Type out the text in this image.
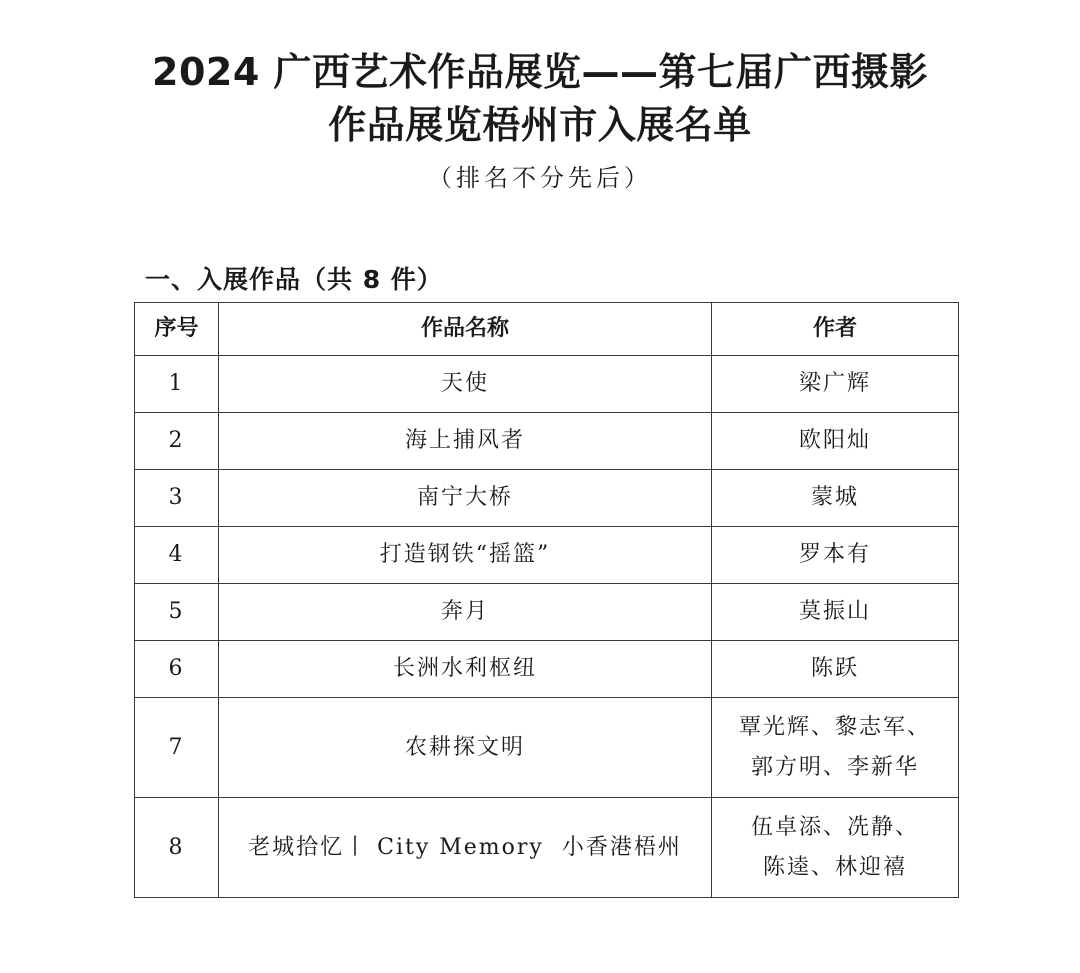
2024 广西艺术作品展览——第七届广西摄影
作品展览梧州市入展名单
（排名不分先后）
一、入展作品（共 8 件）
序号	作品名称	作者
1	天使	梁广辉
2	海上捕风者	欧阳灿
3	南宁大桥	蒙城
4	打造钢铁“摇篮”	罗本有
5	奔月	莫振山
6	长洲水利枢纽	陈跃
7	农耕探文明	覃光辉、黎志军、
郭方明、李新华

8	老城拾忆丨 City Memory  小香港梧州	伍卓添、冼静、
陈逵、林迎禧
